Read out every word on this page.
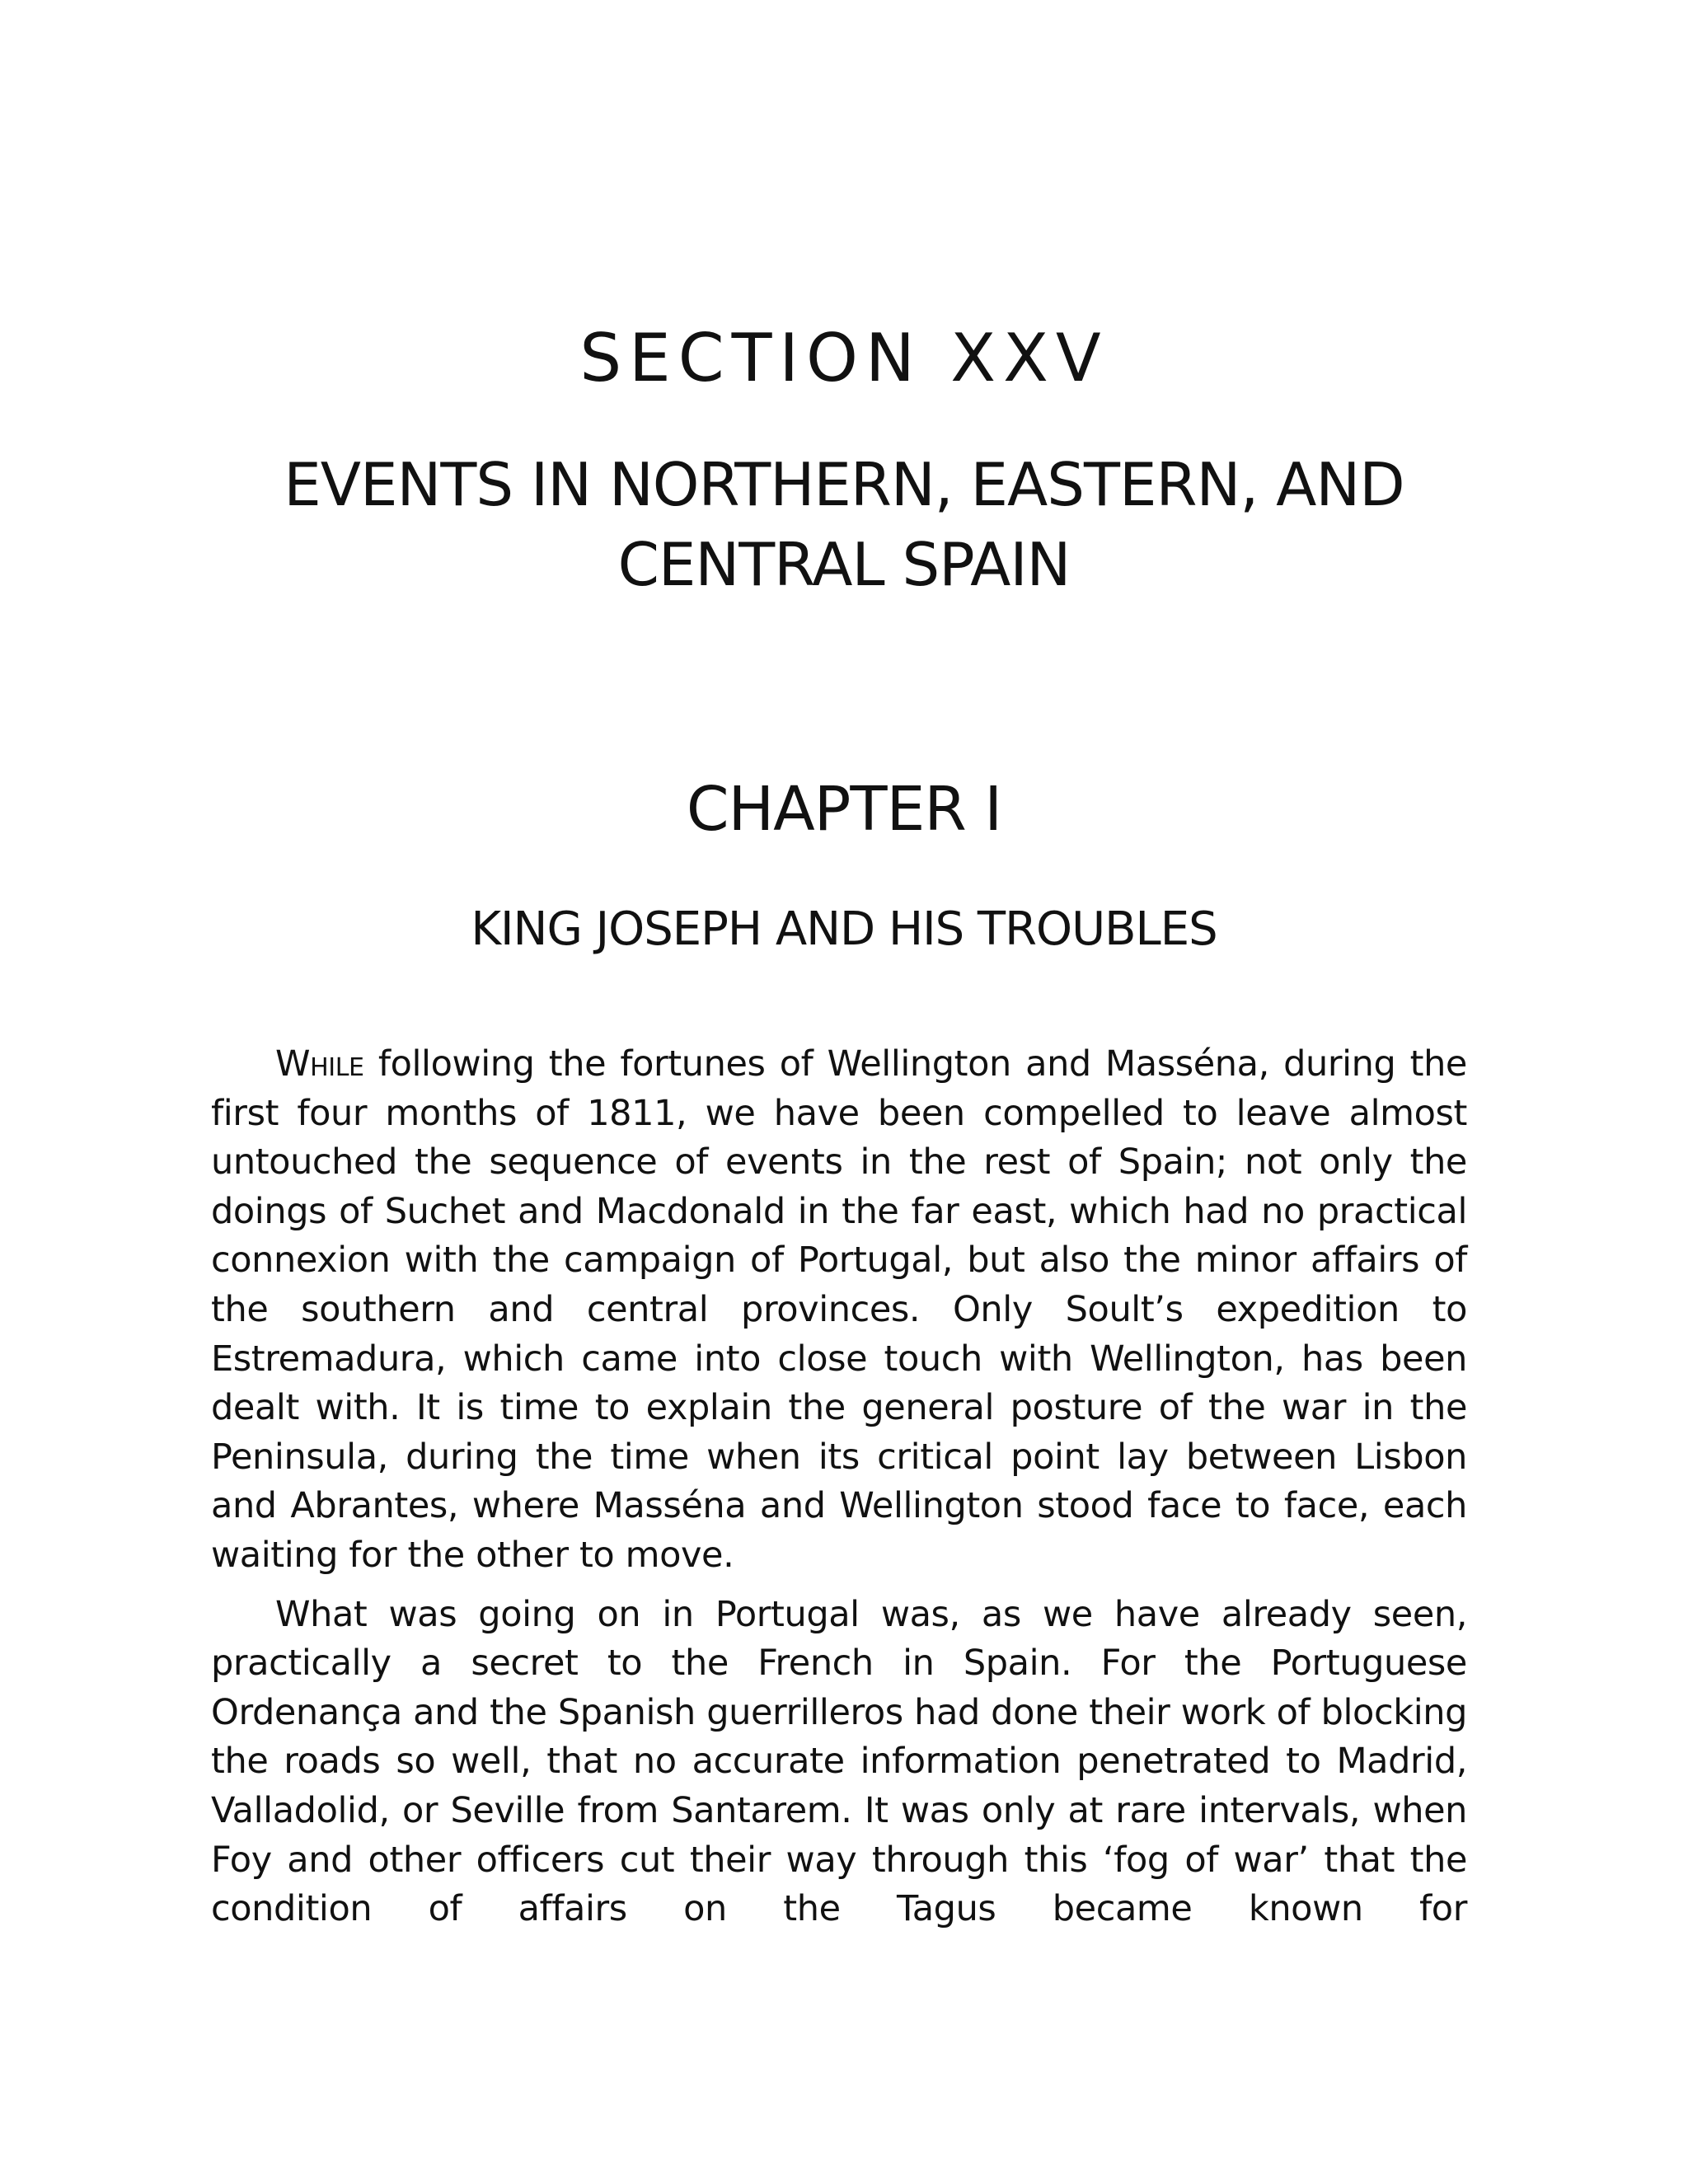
SECTION XXV
EVENTS IN NORTHERN, EASTERN, AND CENTRAL SPAIN
CHAPTER I
KING JOSEPH AND HIS TROUBLES

While following the fortunes of Wellington and Masséna, during the first four months of 1811, we have been compelled to leave almost untouched the sequence of events in the rest of Spain; not only the doings of Suchet and Macdonald in the far east, which had no practical connexion with the campaign of Portugal, but also the minor affairs of the southern and central provinces. Only Soult’s expedition to Estremadura, which came into close touch with Wellington, has been dealt with. It is time to explain the general posture of the war in the Peninsula, during the time when its critical point lay between Lisbon and Abrantes, where Masséna and Wellington stood face to face, each waiting for the other to move.

What was going on in Portugal was, as we have already seen, practically a secret to the French in Spain. For the Portuguese Ordenança and the Spanish guerrilleros had done their work of blocking the roads so well, that no accurate information penetrated to Madrid, Valladolid, or Seville from Santarem. It was only at rare intervals, when Foy and other officers cut their way through this ‘fog of war’ that the condition of affairs on the Tagus became known for
